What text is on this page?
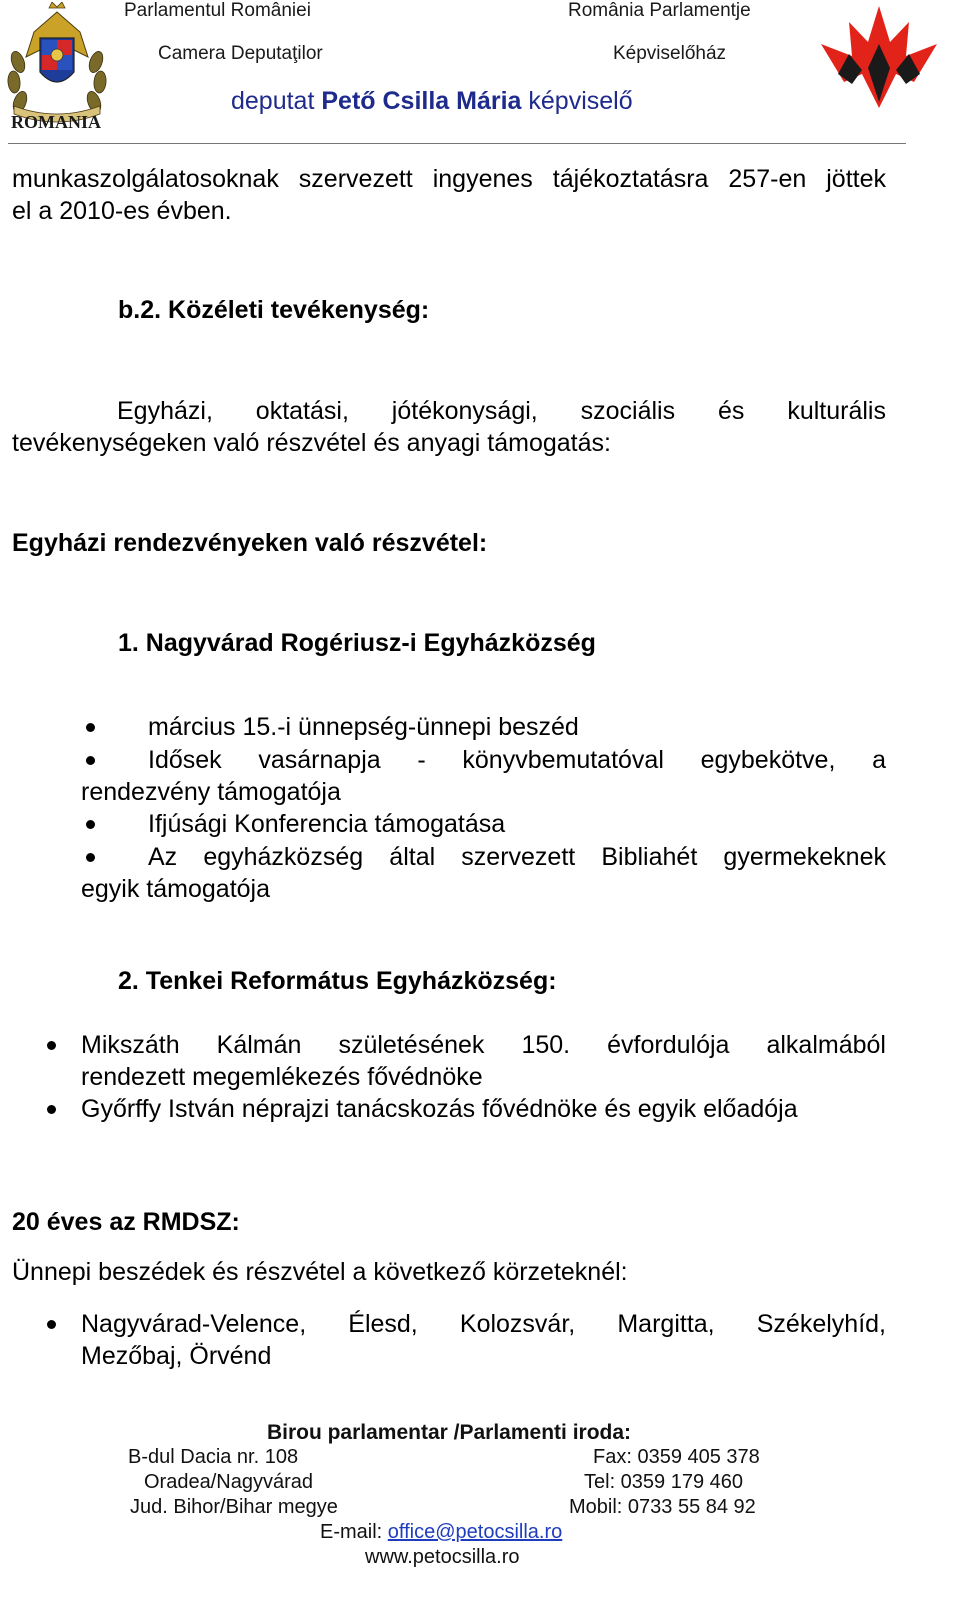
ROMANIA
Parlamentul României	România Parlamentje
Camera Deputaţilor	Képviselőház
deputat Pető Csilla Mária képviselő
munkaszolgálatosoknak szervezett ingyenes tájékoztatásra 257-en jöttek
el a 2010-es évben.
b.2. Közéleti tevékenység:
Egyházi, oktatási, jótékonysági, szociális és kulturális
tevékenységeken való részvétel és anyagi támogatás:
Egyházi rendezvényeken való részvétel:
1. Nagyvárad Rogériusz-i Egyházközség
március 15.-i ünnepség-ünnepi beszéd
Idősek vasárnapja - könyvbemutatóval egybekötve, a
rendezvény támogatója
Ifjúsági Konferencia támogatása
Az egyházközség által szervezett Bibliahét gyermekeknek
egyik támogatója
2. Tenkei Református Egyházközség:
Mikszáth Kálmán születésének 150. évfordulója alkalmából
rendezett megemlékezés fővédnöke
Győrffy István néprajzi tanácskozás fővédnöke és egyik előadója
20 éves az RMDSZ:
Ünnepi beszédek és részvétel a következő körzeteknél:
Nagyvárad-Velence, Élesd, Kolozsvár, Margitta, Székelyhíd,
Mezőbaj, Örvénd
Birou parlamentar /Parlamenti iroda:
B-dul Dacia nr. 108
Oradea/Nagyvárad
Jud. Bihor/Bihar megye
Fax: 0359 405 378
Tel: 0359 179 460
Mobil: 0733 55 84 92
E-mail: office@petocsilla.ro
www.petocsilla.ro
